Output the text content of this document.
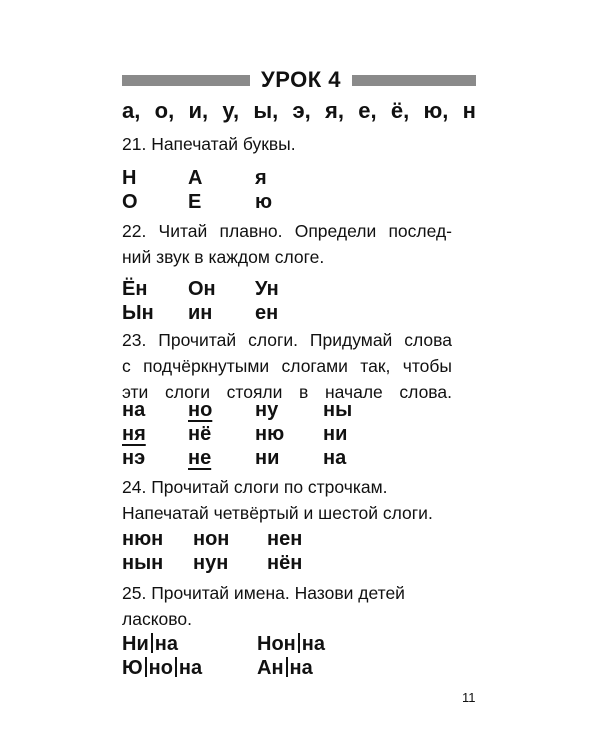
УРОК 4
а, о, и, у, ы, э, я, е, ё, ю, н
21. Напечатай буквы.
Н	А	я
О	Е	ю
22. Читай плавно. Определи послед-
ний звук в каждом слоге.
Ён Он Ун
Ын ин ен
23. Прочитай слоги. Придумай слова
с подчёркнутыми слогами так, чтобы
эти слоги стояли в начале слова.
на но ну ны
ня нё ню ни
нэ не ни на
24. Прочитай слоги по строчкам.
Напечатай четвёртый и шестой слоги.
нюн нон нен
нын нун нён
25. Прочитай имена. Назови детей
ласково.
Ни на	Нон на
Ю но на	Ан на
11
